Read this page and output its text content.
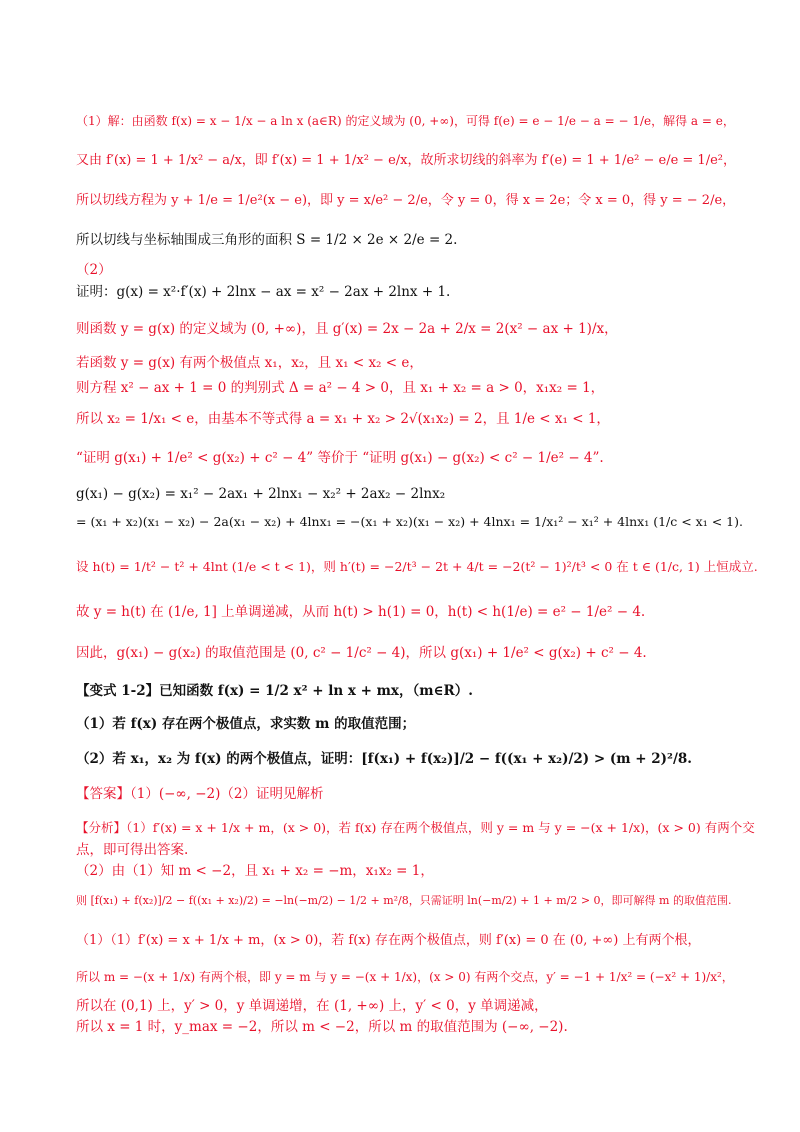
（1）解：由函数 f(x) = x − 1/x − a ln x (a∈R) 的定义域为 (0, +∞)，可得 f(e) = e − 1/e − a = − 1/e，解得 a = e，
又由 f′(x) = 1 + 1/x² − a/x，即 f′(x) = 1 + 1/x² − e/x，故所求切线的斜率为 f′(e) = 1 + 1/e² − e/e = 1/e²，
所以切线方程为 y + 1/e = 1/e²(x − e)，即 y = x/e² − 2/e，令 y = 0，得 x = 2e；令 x = 0，得 y = − 2/e，
所以切线与坐标轴围成三角形的面积 S = 1/2 × 2e × 2/e = 2.
（2）
证明：g(x) = x²·f′(x) + 2lnx − ax = x² − 2ax + 2lnx + 1.
则函数 y = g(x) 的定义域为 (0, +∞)，且 g′(x) = 2x − 2a + 2/x = 2(x² − ax + 1)/x，
若函数 y = g(x) 有两个极值点 x₁，x₂，且 x₁ < x₂ < e，
则方程 x² − ax + 1 = 0 的判别式 Δ = a² − 4 > 0，且 x₁ + x₂ = a > 0，x₁x₂ = 1，
所以 x₂ = 1/x₁ < e，由基本不等式得 a = x₁ + x₂ > 2√(x₁x₂) = 2，且 1/e < x₁ < 1，
“证明 g(x₁) + 1/e² < g(x₂) + c² − 4” 等价于 “证明 g(x₁) − g(x₂) < c² − 1/e² − 4”.
g(x₁) − g(x₂) = x₁² − 2ax₁ + 2lnx₁ − x₂² + 2ax₂ − 2lnx₂
= (x₁ + x₂)(x₁ − x₂) − 2a(x₁ − x₂) + 4lnx₁ = −(x₁ + x₂)(x₁ − x₂) + 4lnx₁ = 1/x₁² − x₁² + 4lnx₁ (1/c < x₁ < 1).
设 h(t) = 1/t² − t² + 4lnt (1/e < t < 1)，则 h′(t) = −2/t³ − 2t + 4/t = −2(t² − 1)²/t³ < 0 在 t ∈ (1/c, 1) 上恒成立.
故 y = h(t) 在 (1/e, 1] 上单调递减，从而 h(t) > h(1) = 0，h(t) < h(1/e) = e² − 1/e² − 4.
因此，g(x₁) − g(x₂) 的取值范围是 (0, c² − 1/c² − 4)，所以 g(x₁) + 1/e² < g(x₂) + c² − 4.
【变式 1-2】已知函数 f(x) = 1/2 x² + ln x + mx，（m∈R）.
（1）若 f(x) 存在两个极值点，求实数 m 的取值范围；
（2）若 x₁，x₂ 为 f(x) 的两个极值点，证明：[f(x₁) + f(x₂)]/2 − f((x₁ + x₂)/2) > (m + 2)²/8.
【答案】（1）(−∞, −2)（2）证明见解析
【分析】（1）f′(x) = x + 1/x + m，(x > 0)，若 f(x) 存在两个极值点，则 y = m 与 y = −(x + 1/x)，(x > 0) 有两个交
点，即可得出答案.
（2）由（1）知 m < −2，且 x₁ + x₂ = −m，x₁x₂ = 1，
则 [f(x₁) + f(x₂)]/2 − f((x₁ + x₂)/2) = −ln(−m/2) − 1/2 + m²/8，只需证明 ln(−m/2) + 1 + m/2 > 0，即可解得 m 的取值范围.
（1）（1）f′(x) = x + 1/x + m，(x > 0)，若 f(x) 存在两个极值点，则 f′(x) = 0 在 (0, +∞) 上有两个根，
所以 m = −(x + 1/x) 有两个根，即 y = m 与 y = −(x + 1/x)，(x > 0) 有两个交点，y′ = −1 + 1/x² = (−x² + 1)/x²，
所以在 (0,1) 上，y′ > 0，y 单调递增，在 (1, +∞) 上，y′ < 0，y 单调递减，
所以 x = 1 时，y_max = −2，所以 m < −2，所以 m 的取值范围为 (−∞, −2).
